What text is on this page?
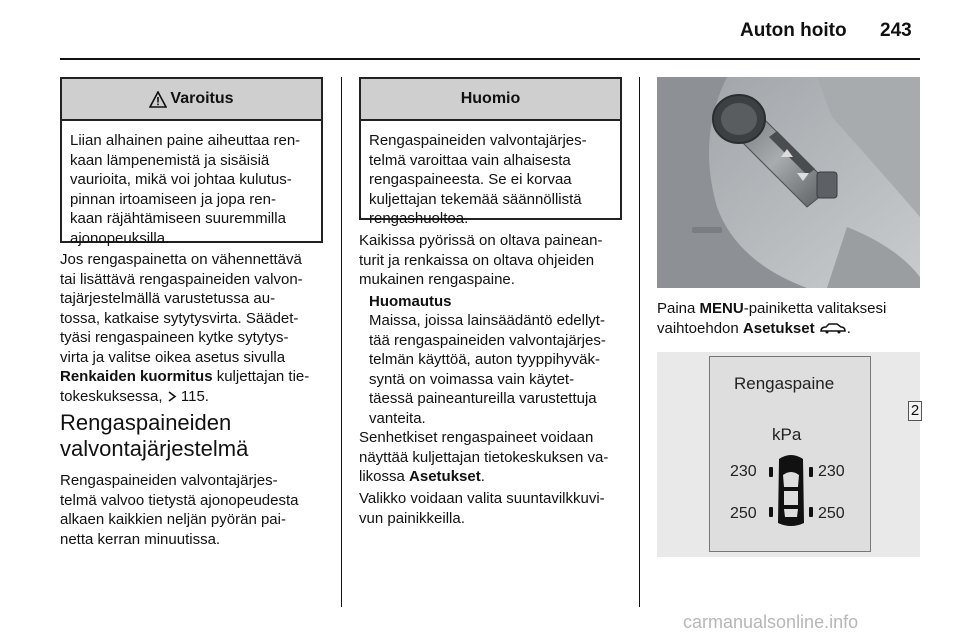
Auton hoito 243
Varoitus
Liian alhainen paine aiheuttaa ren-
kaan lämpenemistä ja sisäisiä
vaurioita, mikä voi johtaa kulutus-
pinnan irtoamiseen ja jopa ren-
kaan räjähtämiseen suuremmilla
ajonopeuksilla.
Jos rengaspainetta on vähennettävä
tai lisättävä rengaspaineiden valvon-
tajärjestelmällä varustetussa au-
tossa, katkaise sytytysvirta. Säädet-
tyäsi rengaspaineen kytke sytytys-
virta ja valitse oikea asetus sivulla
Renkaiden kuormitus kuljettajan tie-
tokeskuksessa,  115.
Rengaspaineiden
valvontajärjestelmä
Rengaspaineiden valvontajärjes-
telmä valvoo tietystä ajonopeudesta
alkaen kaikkien neljän pyörän pai-
netta kerran minuutissa.
Huomio
Rengaspaineiden valvontajärjes-
telmä varoittaa vain alhaisesta
rengaspaineesta. Se ei korvaa
kuljettajan tekemää säännöllistä
rengashuoltoa.
Kaikissa pyörissä on oltava painean-
turit ja renkaissa on oltava ohjeiden
mukainen rengaspaine.
Huomautus
Maissa, joissa lainsäädäntö edellyt-
tää rengaspaineiden valvontajärjes-
telmän käyttöä, auton tyyppihyväk-
syntä on voimassa vain käytet-
täessä paineantureilla varustettuja
vanteita.
Senhetkiset rengaspaineet voidaan
näyttää kuljettajan tietokeskuksen va-
likossa Asetukset.
Valikko voidaan valita suuntavilkkuvi-
vun painikkeilla.
Paina MENU-painiketta valitaksesi
vaihtoehdon Asetukset .
Rengaspaine
2
kPa
230	230
250	250
carmanualsonline.info
